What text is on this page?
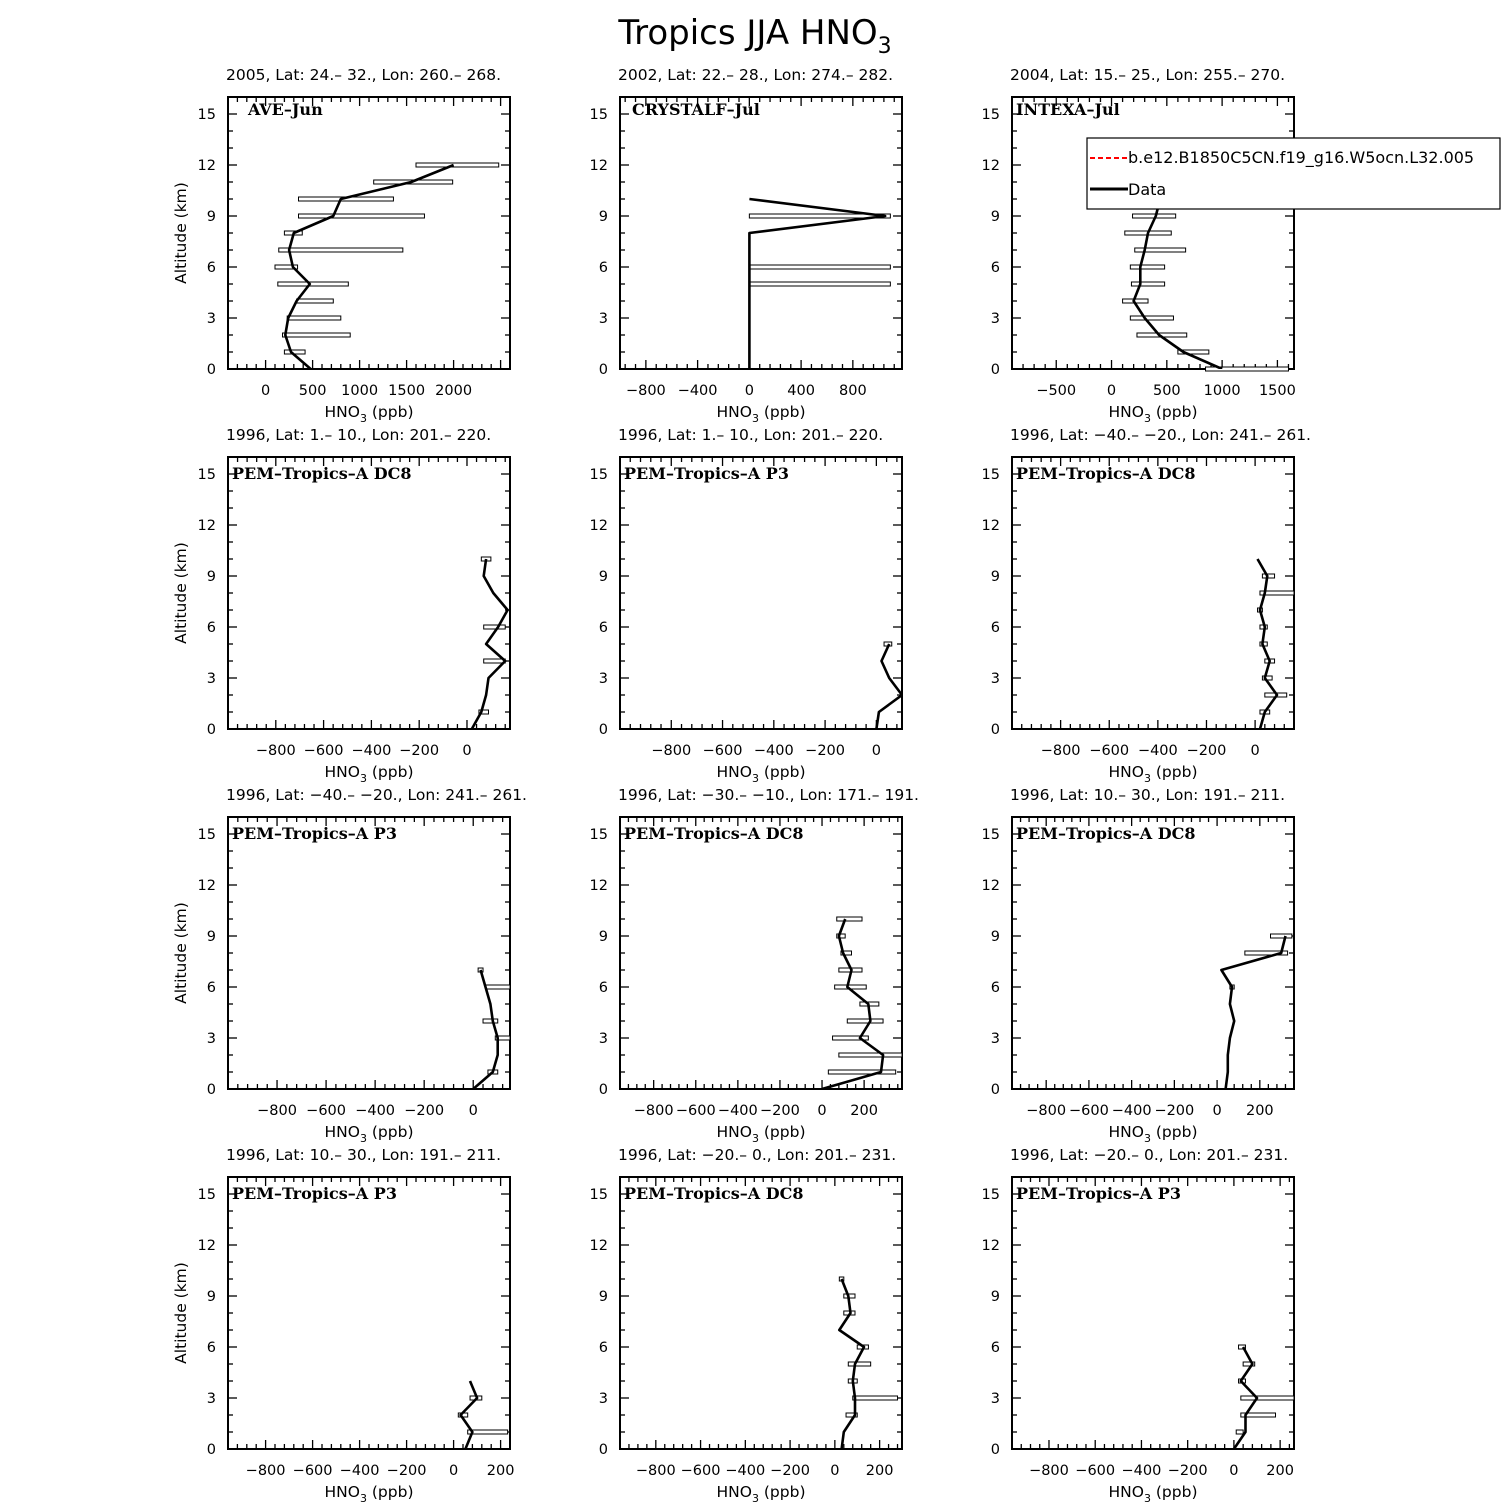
Tropics JJA $HNO_3$
2005, Lat: 24.– 32., Lon: 260.– 268.
0
3
6
9
12
15
0 500 1000 1500 2000
$HNO_3$ (ppb)
Altitude (km)
AVE–Jun
2002, Lat: 22.– 28., Lon: 274.– 282.
0
3
6
9
12
15
−800 −400 0 400 800
$HNO_3$ (ppb)
CRYSTALF–Jul
2004, Lat: 15.– 25., Lon: 255.– 270.
0
3
6
9
12
15
−500 0	500 1000 1500
$HNO_3$ (ppb)
INTEXA–Jul
1996, Lat: 1.– 10., Lon: 201.– 220.
0
3
6
9
12
15
−800 −600 −400 −200 0
$HNO_3$ (ppb)
Altitude (km)
PEM–Tropics–A DC8
1996, Lat: 1.– 10., Lon: 201.– 220.
0
3
6
9
12
15
−800 −600 −400 −200 0
$HNO_3$ (ppb)
PEM–Tropics–A P3
1996, Lat: −40.– −20., Lon: 241.– 261.
0
3
6
9
12
15
−800 −600 −400 −200 0
$HNO_3$ (ppb)
PEM–Tropics–A DC8
1996, Lat: −40.– −20., Lon: 241.– 261.
0
3
6
9
12
15
−800 −600 −400 −200 0
$HNO_3$ (ppb)
Altitude (km)
PEM–Tropics–A P3
1996, Lat: −30.– −10., Lon: 171.– 191.
0
3
6
9
12
15
−800 −600 −400 −200 0 200
$HNO_3$ (ppb)
PEM–Tropics–A DC8
1996, Lat: 10.– 30., Lon: 191.– 211.
0
3
6
9
12
15
−800 −600 −400 −200 0 200
$HNO_3$ (ppb)
PEM–Tropics–A DC8
1996, Lat: 10.– 30., Lon: 191.– 211.
0
3
6
9
12
15
−800 −600 −400 −200 0 200
$HNO_3$ (ppb)
Altitude (km)
PEM–Tropics–A P3
1996, Lat: −20.– 0., Lon: 201.– 231.
0
3
6
9
12
15
−800 −600 −400 −200 0 200
$HNO_3$ (ppb)
PEM–Tropics–A DC8
1996, Lat: −20.– 0., Lon: 201.– 231.
0
3
6
9
12
15
−800 −600 −400 −200 0 200
$HNO_3$ (ppb)
PEM–Tropics–A P3
b.e12.B1850C5CN.f19_g16.W5ocn.L32.005
Data
